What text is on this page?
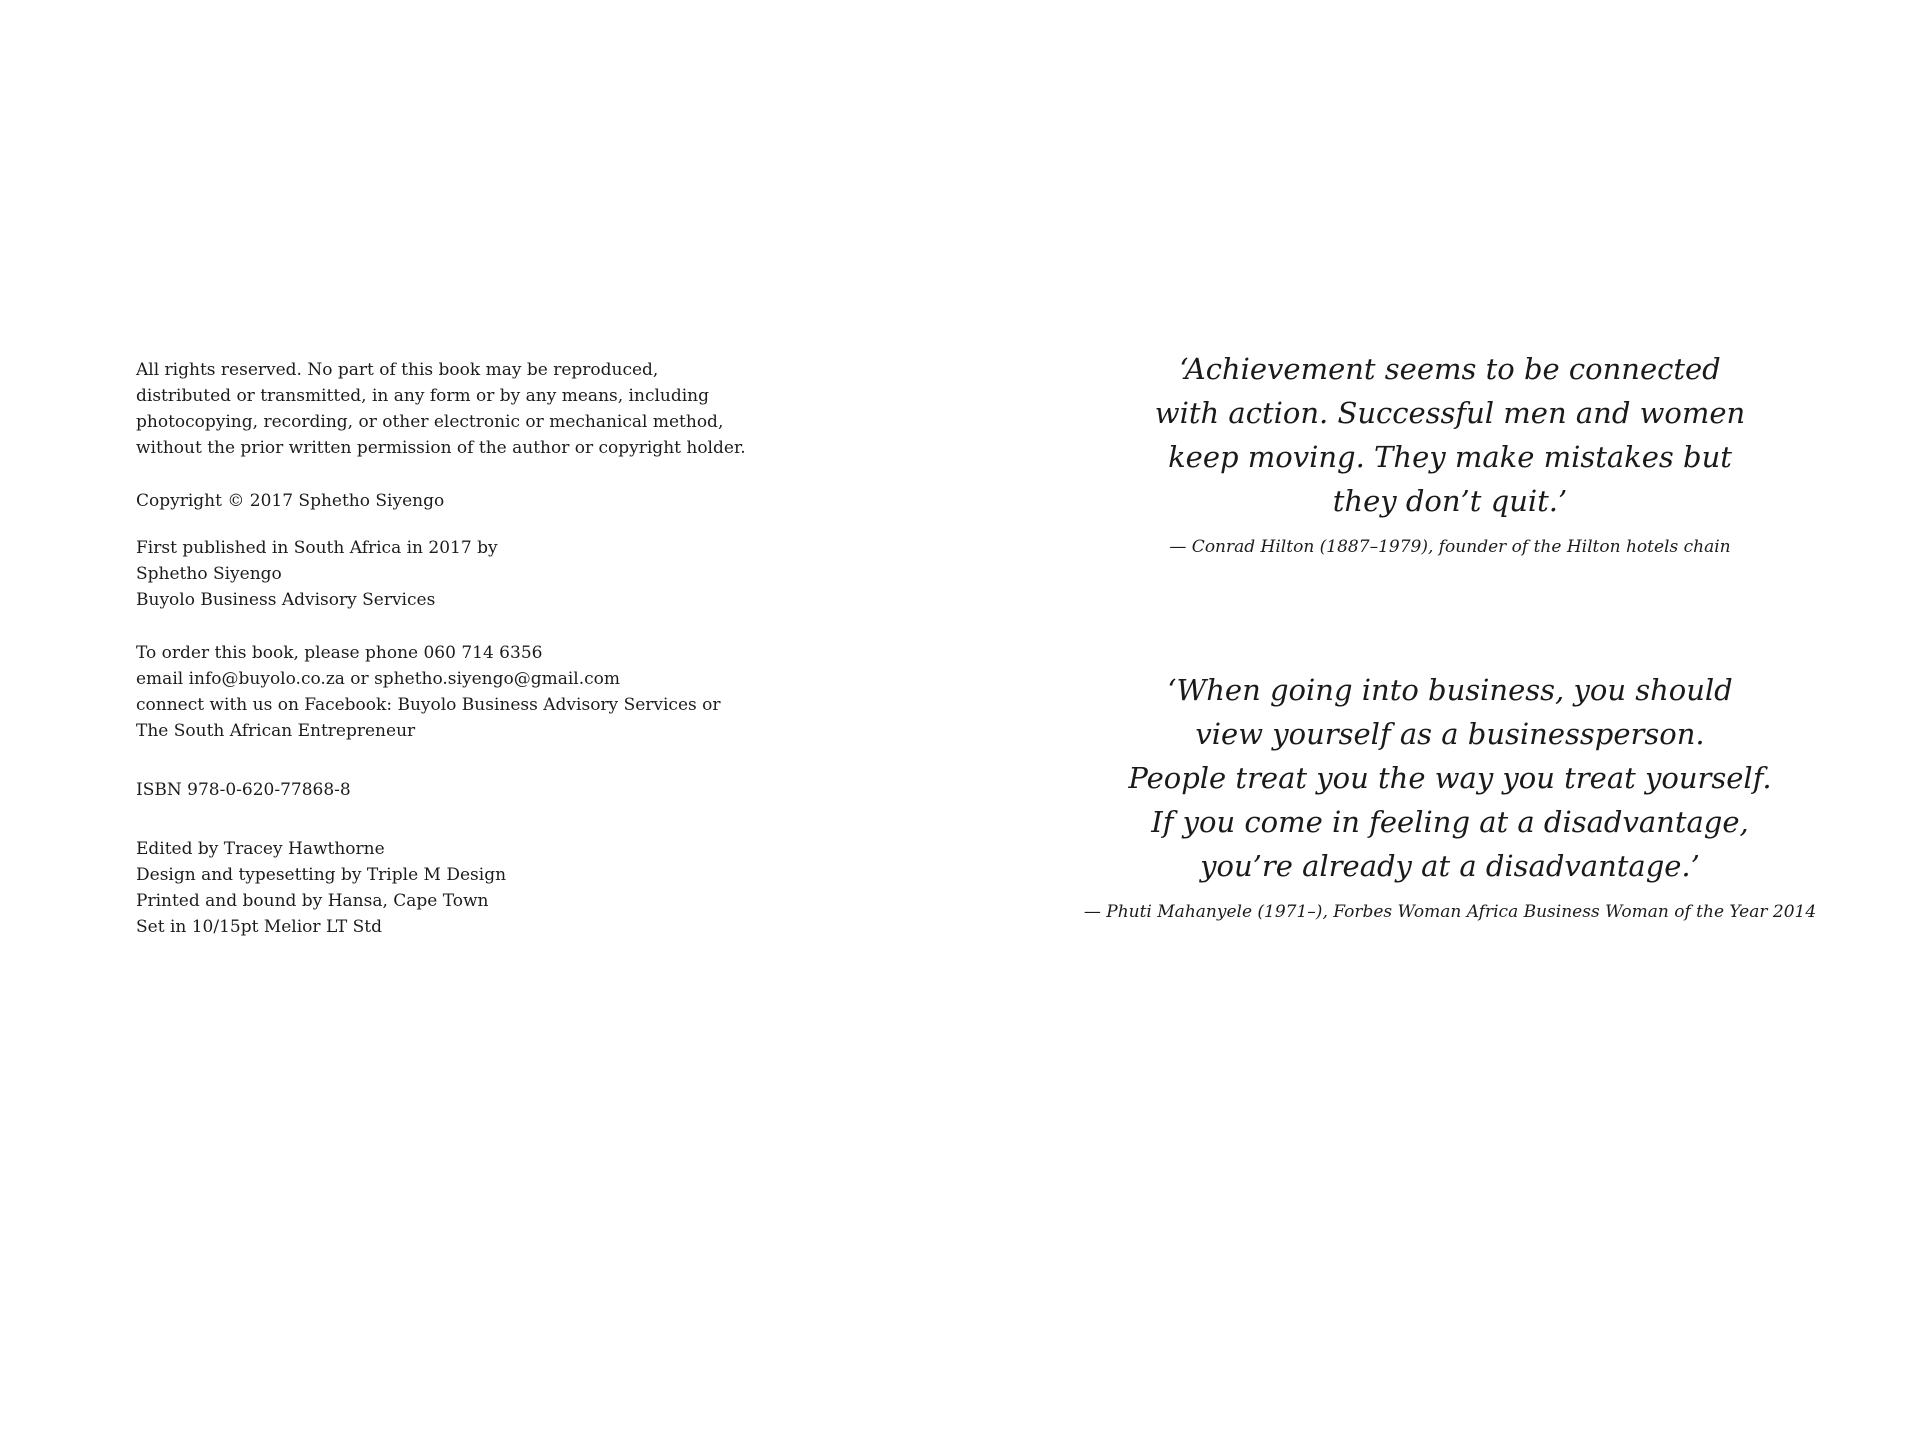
All rights reserved. No part of this book may be reproduced,
distributed or transmitted, in any form or by any means, including
photocopying, recording, or other electronic or mechanical method,
without the prior written permission of the author or copyright holder.

Copyright © 2017 Sphetho Siyengo

First published in South Africa in 2017 by
Sphetho Siyengo
Buyolo Business Advisory Services

To order this book, please phone 060 714 6356
email info@buyolo.co.za or sphetho.siyengo@gmail.com
connect with us on Facebook: Buyolo Business Advisory Services or
The South African Entrepreneur

ISBN 978-0-620-77868-8

Edited by Tracey Hawthorne
Design and typesetting by Triple M Design
Printed and bound by Hansa, Cape Town
Set in 10/15pt Melior LT Std

‘Achievement seems to be connected
with action. Successful men and women
keep moving. They make mistakes but
they don’t quit.’
— Conrad Hilton (1887–1979), founder of the Hilton hotels chain
‘When going into business, you should
view yourself as a businessperson.
People treat you the way you treat yourself.
If you come in feeling at a disadvantage,
you’re already at a disadvantage.’
— Phuti Mahanyele (1971–), Forbes Woman Africa Business Woman of the Year 2014
